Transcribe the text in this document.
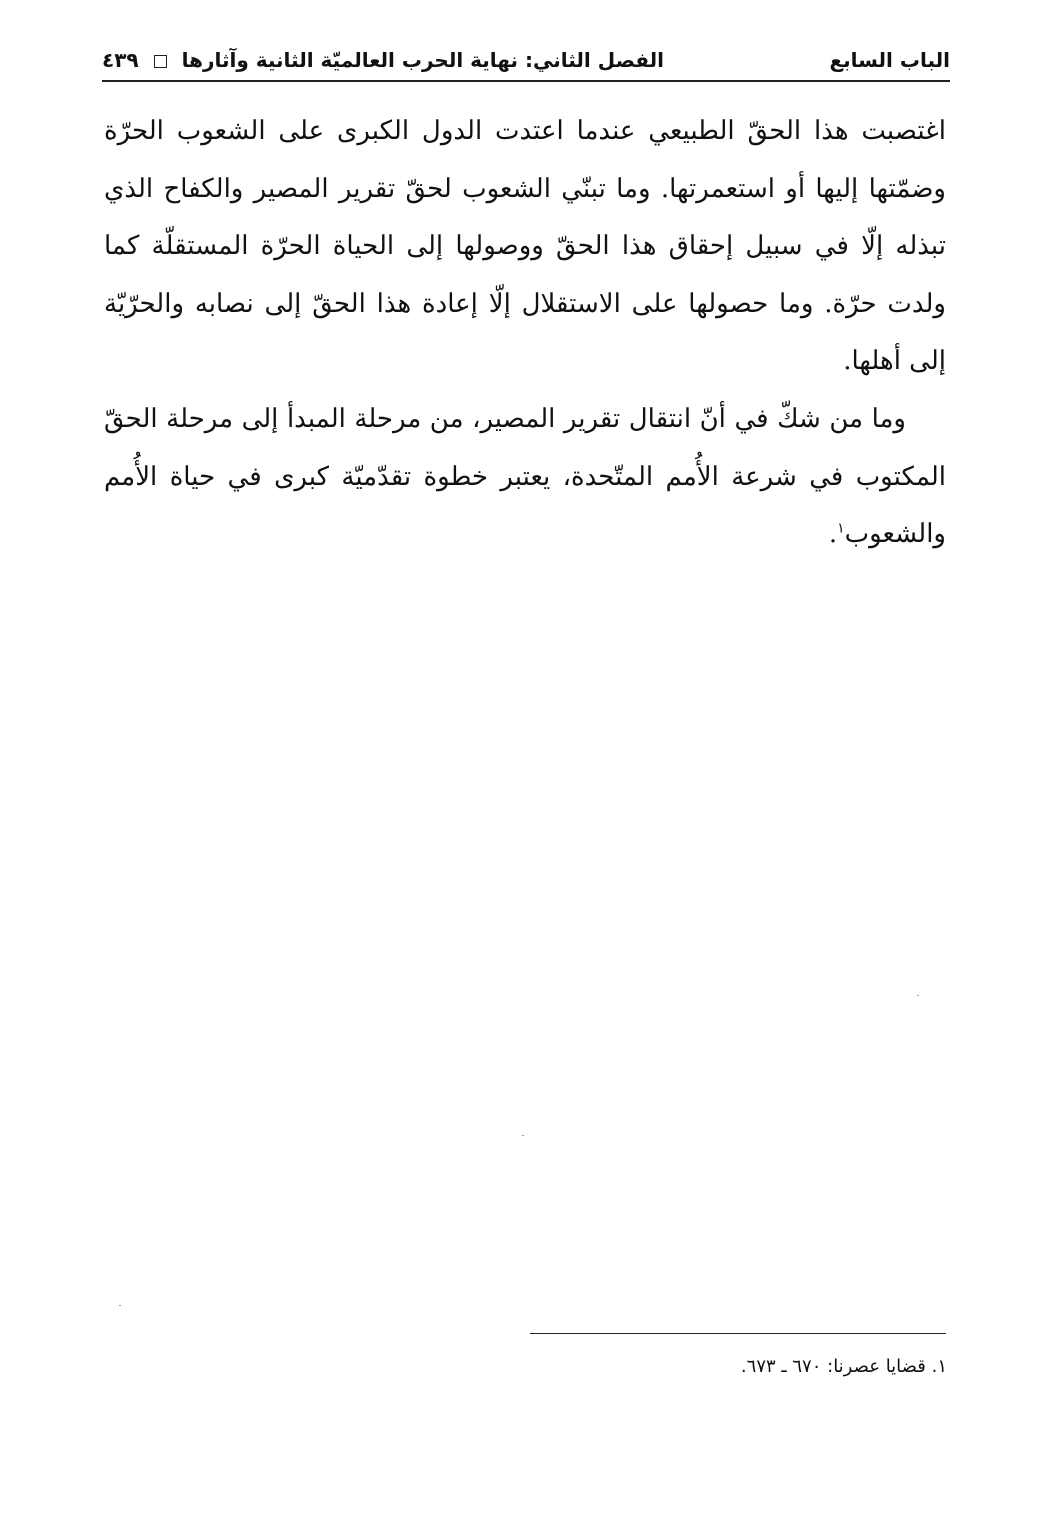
الباب السابع
الفصل الثاني: نهاية الحرب العالميّة الثانية وآثارها  ٤٣٩

اغتصبت هذا الحقّ الطبيعي عندما اعتدت الدول الكبرى على الشعوب الحرّة وضمّتها إليها أو استعمرتها. وما تبنّي الشعوب لحقّ تقرير المصير والكفاح الذي تبذله إلّا في سبيل إحقاق هذا الحقّ ووصولها إلى الحياة الحرّة المستقلّة كما ولدت حرّة. وما حصولها على الاستقلال إلّا إعادة هذا الحقّ إلى نصابه والحرّيّة إلى أهلها.

وما من شكّ في أنّ انتقال تقرير المصير، من مرحلة المبدأ إلى مرحلة الحقّ المكتوب في شرعة الأُمم المتّحدة، يعتبر خطوة تقدّميّة كبرى في حياة الأُمم والشعوب$^١$.

١. قضايا عصرنا: ٦٧٠ ـ ٦٧٣.
